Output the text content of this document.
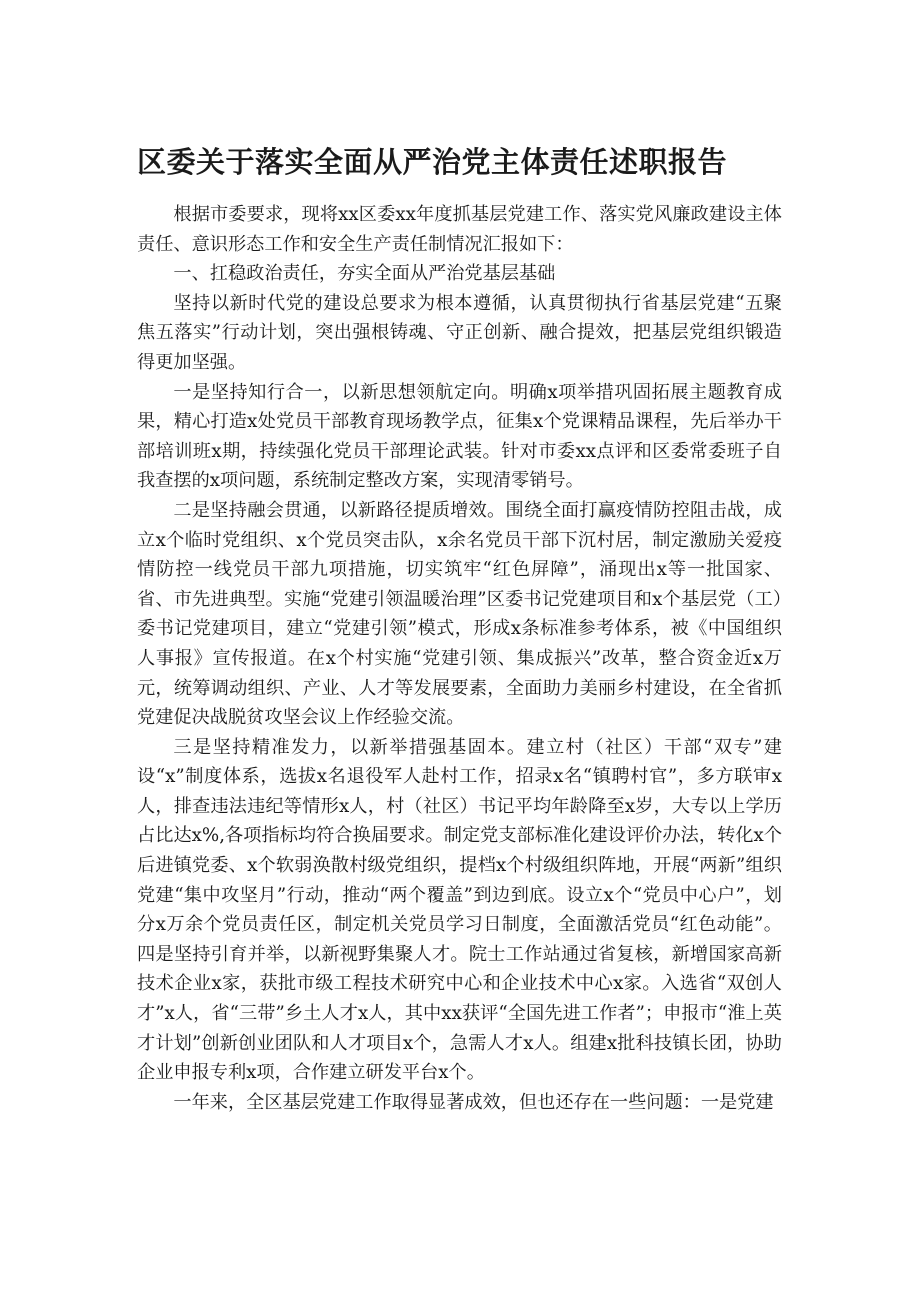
区委关于落实全面从严治党主体责任述职报告

根据市委要求，现将xx区委xx年度抓基层党建工作、落实党风廉政建设主体责任、意识形态工作和安全生产责任制情况汇报如下：

一、扛稳政治责任，夯实全面从严治党基层基础

坚持以新时代党的建设总要求为根本遵循，认真贯彻执行省基层党建“五聚焦五落实”行动计划，突出强根铸魂、守正创新、融合提效，把基层党组织锻造得更加坚强。

一是坚持知行合一，以新思想领航定向。明确x项举措巩固拓展主题教育成果，精心打造x处党员干部教育现场教学点，征集x个党课精品课程，先后举办干部培训班x期，持续强化党员干部理论武装。针对市委xx点评和区委常委班子自我查摆的x项问题，系统制定整改方案，实现清零销号。

二是坚持融会贯通，以新路径提质增效。围绕全面打赢疫情防控阻击战，成立x个临时党组织、x个党员突击队，x余名党员干部下沉村居，制定激励关爱疫情防控一线党员干部九项措施，切实筑牢“红色屏障”，涌现出x等一批国家、省、市先进典型。实施“党建引领温暖治理”区委书记党建项目和x个基层党（工）委书记党建项目，建立“党建引领”模式，形成x条标准参考体系，被《中国组织人事报》宣传报道。在x个村实施“党建引领、集成振兴”改革，整合资金近x万元，统筹调动组织、产业、人才等发展要素，全面助力美丽乡村建设，在全省抓党建促决战脱贫攻坚会议上作经验交流。

三是坚持精准发力，以新举措强基固本。建立村（社区）干部“双专”建设“x”制度体系，选拔x名退役军人赴村工作，招录x名“镇聘村官”，多方联审x人，排查违法违纪等情形x人，村（社区）书记平均年龄降至x岁，大专以上学历占比达x%,各项指标均符合换届要求。制定党支部标准化建设评价办法，转化x个后进镇党委、x个软弱涣散村级党组织，提档x个村级组织阵地，开展“两新”组织党建“集中攻坚月”行动，推动“两个覆盖”到边到底。设立x个“党员中心户”，划分x万余个党员责任区，制定机关党员学习日制度，全面激活党员“红色动能”。四是坚持引育并举，以新视野集聚人才。院士工作站通过省复核，新增国家高新技术企业x家，获批市级工程技术研究中心和企业技术中心x家。入选省“双创人才”x人，省“三带”乡土人才x人，其中xx获评“全国先进工作者”；申报市“淮上英才计划”创新创业团队和人才项目x个，急需人才x人。组建x批科技镇长团，协助企业申报专利x项，合作建立研发平台x个。

一年来，全区基层党建工作取得显著成效，但也还存在一些问题：一是党建
